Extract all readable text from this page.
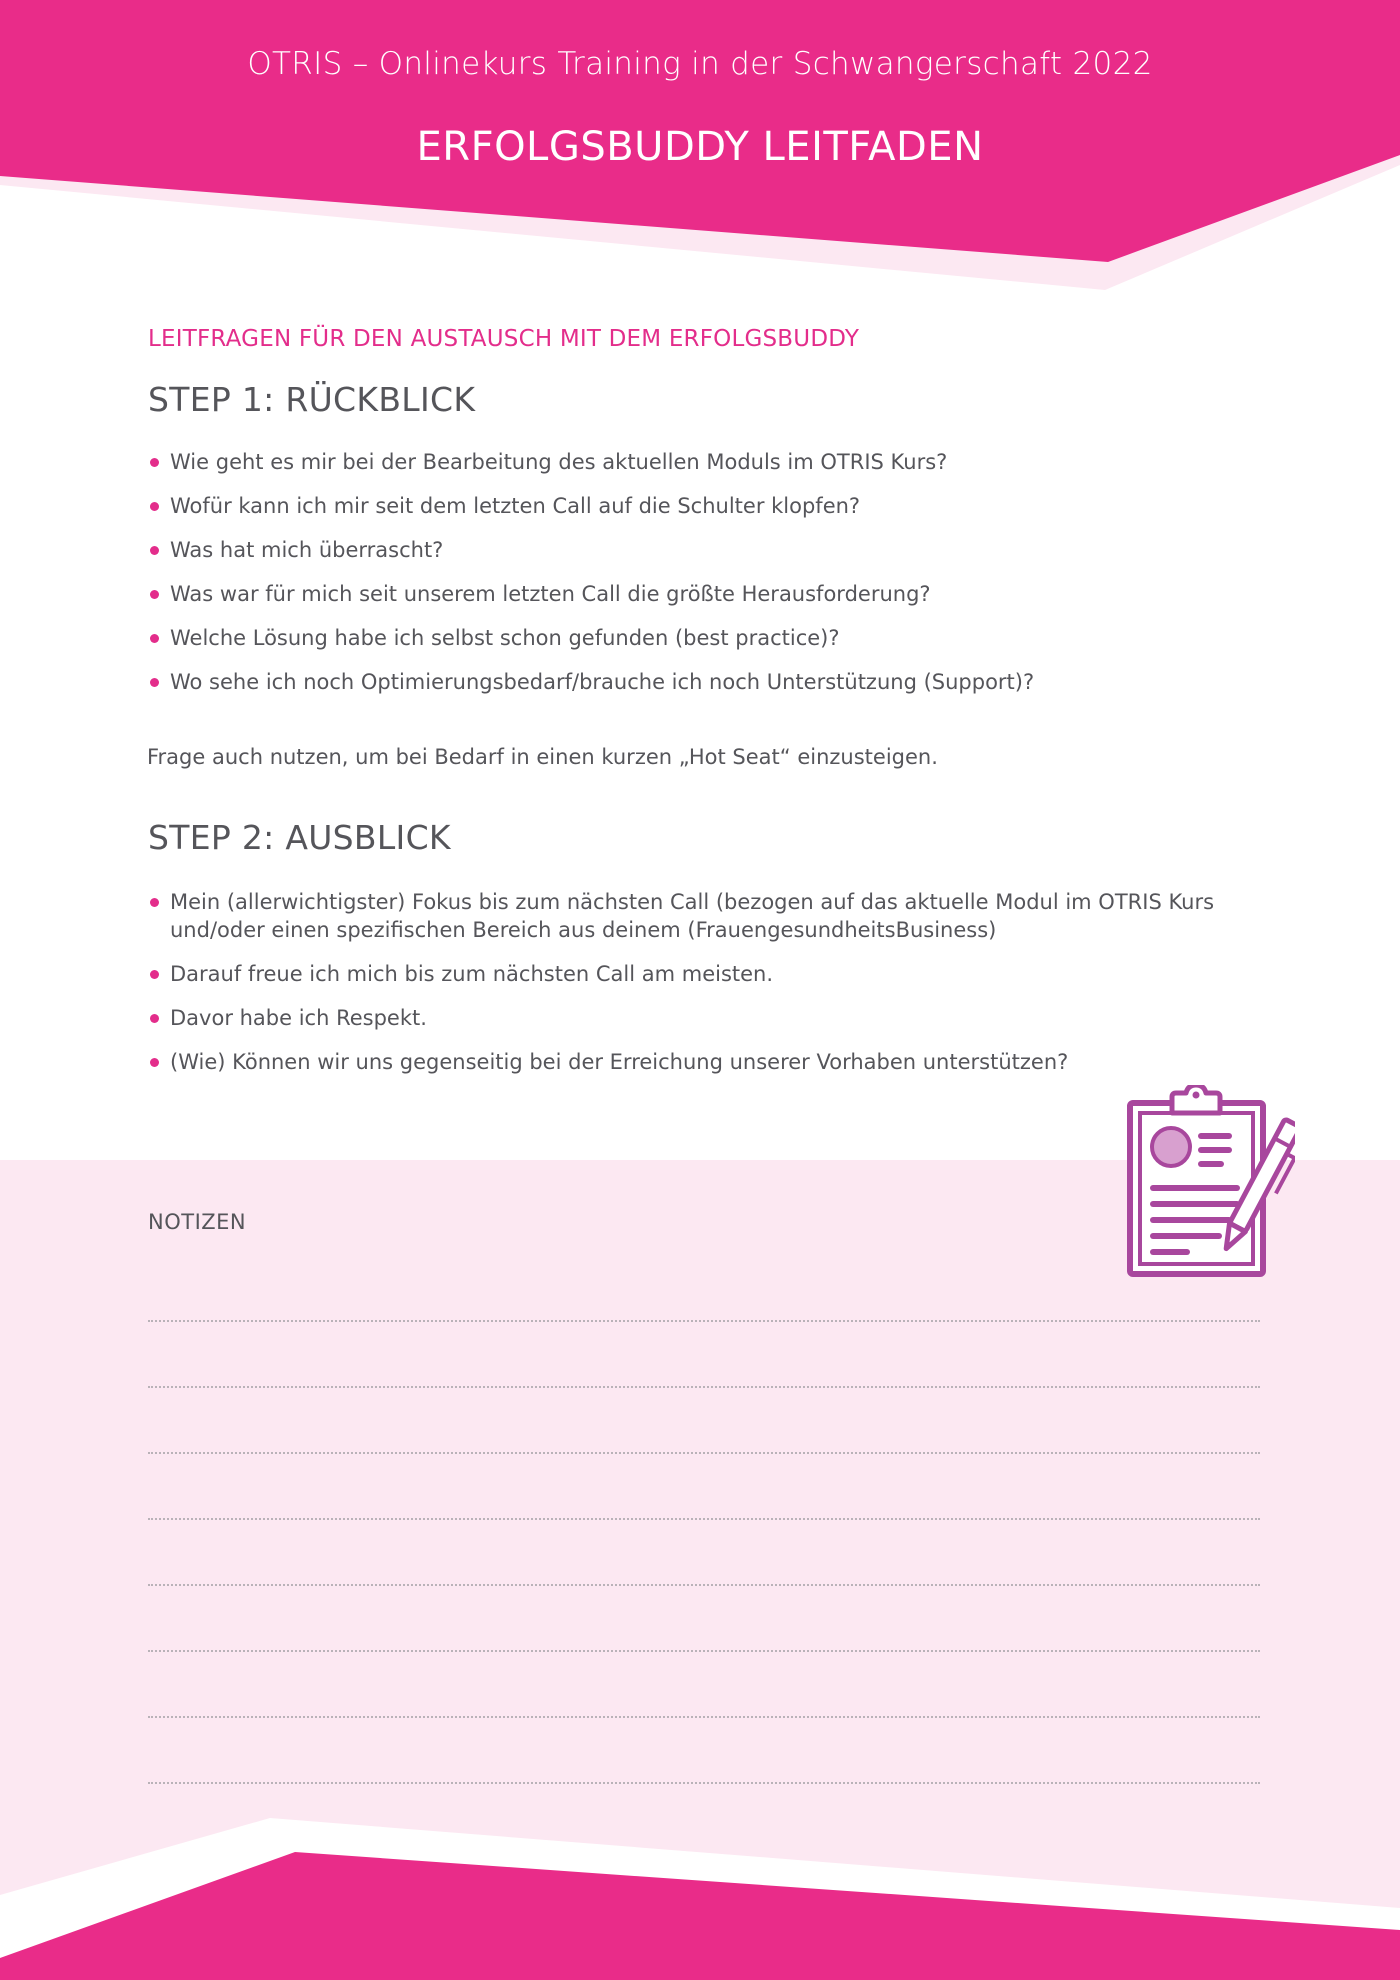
OTRIS – Onlinekurs Training in der Schwangerschaft 2022
ERFOLGSBUDDY LEITFADEN
LEITFRAGEN FÜR DEN AUSTAUSCH MIT DEM ERFOLGSBUDDY
STEP 1: RÜCKBLICK
Wie geht es mir bei der Bearbeitung des aktuellen Moduls im OTRIS Kurs?
Wofür kann ich mir seit dem letzten Call auf die Schulter klopfen?
Was hat mich überrascht?
Was war für mich seit unserem letzten Call die größte Herausforderung?
Welche Lösung habe ich selbst schon gefunden (best practice)?
Wo sehe ich noch Optimierungsbedarf/brauche ich noch Unterstützung (Support)?
Frage auch nutzen, um bei Bedarf in einen kurzen „Hot Seat“ einzusteigen.
STEP 2: AUSBLICK
Mein (allerwichtigster) Fokus bis zum nächsten Call (bezogen auf das aktuelle Modul im OTRIS Kurs und/oder einen spezifischen Bereich aus deinem (FrauengesundheitsBusiness)
Darauf freue ich mich bis zum nächsten Call am meisten.
Davor habe ich Respekt.
(Wie) Können wir uns gegenseitig bei der Erreichung unserer Vorhaben unterstützen?
NOTIZEN
